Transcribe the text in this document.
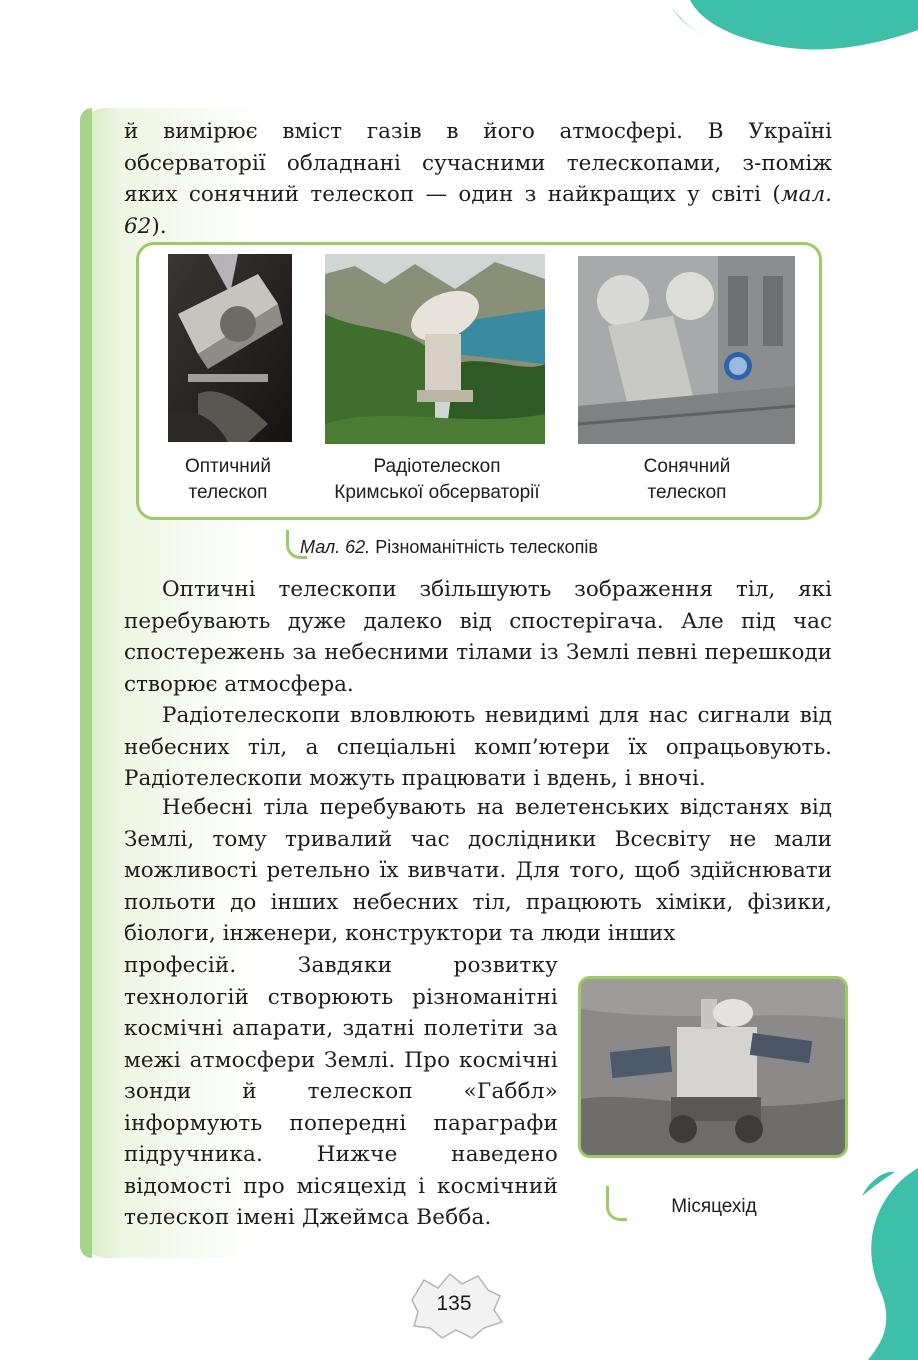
й вимірює вміст газів в його атмосфері. В Україні обсерваторії обладнані сучасними телескопами, з-поміж яких сонячний телескоп — один з найкращих у світі (мал. 62).

Оптичний
телескоп
Радіотелескоп
Кримської обсерваторії
Сонячний
телескоп
Мал. 62. Різноманітність телескопів

Оптичні телескопи збільшують зображення тіл, які перебувають дуже далеко від спостерігача. Але під час спостережень за небесними тілами із Землі певні перешкоди створює атмосфера.

Радіотелескопи вловлюють невидимі для нас сигнали від небесних тіл, а спеціальні комп’ютери їх опрацьовують. Радіотелескопи можуть працювати і вдень, і вночі.

Небесні тіла перебувають на велетенських відстанях від Землі, тому тривалий час дослідники Всесвіту не мали можливості ретельно їх вивчати. Для того, щоб здійснювати польоти до інших небесних тіл, працюють хіміки, фізики, біологи, інженери, конструктори та люди інших

професій. Завдяки розвитку технологій створюють різноманітні космічні апарати, здатні полетіти за межі атмосфери Землі. Про космічні зонди й телескоп «Габбл» інформують попередні параграфи підручника. Нижче наведено відомості про місяцехід і космічний телескоп імені Джеймса Вебба.	Місяцехід
135
